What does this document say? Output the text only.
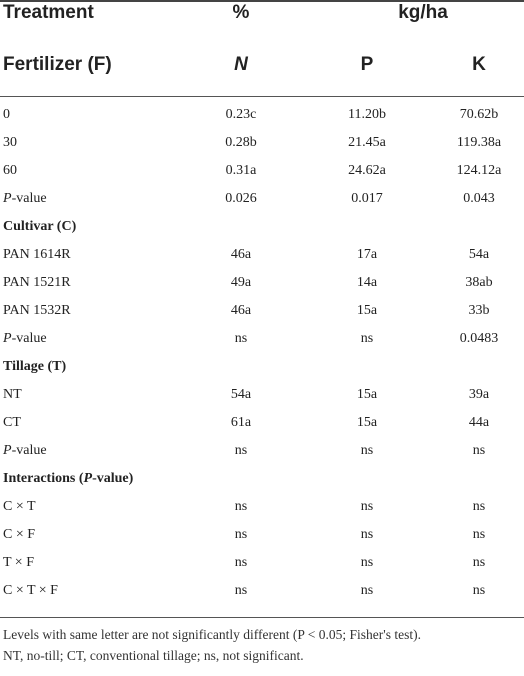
Treatment	%	kg/ha
Fertilizer (F)	N	P	K
0	0.23c	11.20b	70.62b
30	0.28b	21.45a	119.38a
60	0.31a	24.62a	124.12a
P-value	0.026	0.017	0.043
Cultivar (C)
PAN 1614R	46a	17a	54a
PAN 1521R	49a	14a	38ab
PAN 1532R	46a	15a	33b
P-value	ns	ns	0.0483
Tillage (T)
NT	54a	15a	39a
CT	61a	15a	44a
P-value	ns	ns	ns
Interactions (P-value)
C × T	ns	ns	ns
C × F	ns	ns	ns
T × F	ns	ns	ns
C × T × F	ns	ns	ns
Levels with same letter are not significantly different (P < 0.05; Fisher's test).
NT, no-till; CT, conventional tillage; ns, not significant.
